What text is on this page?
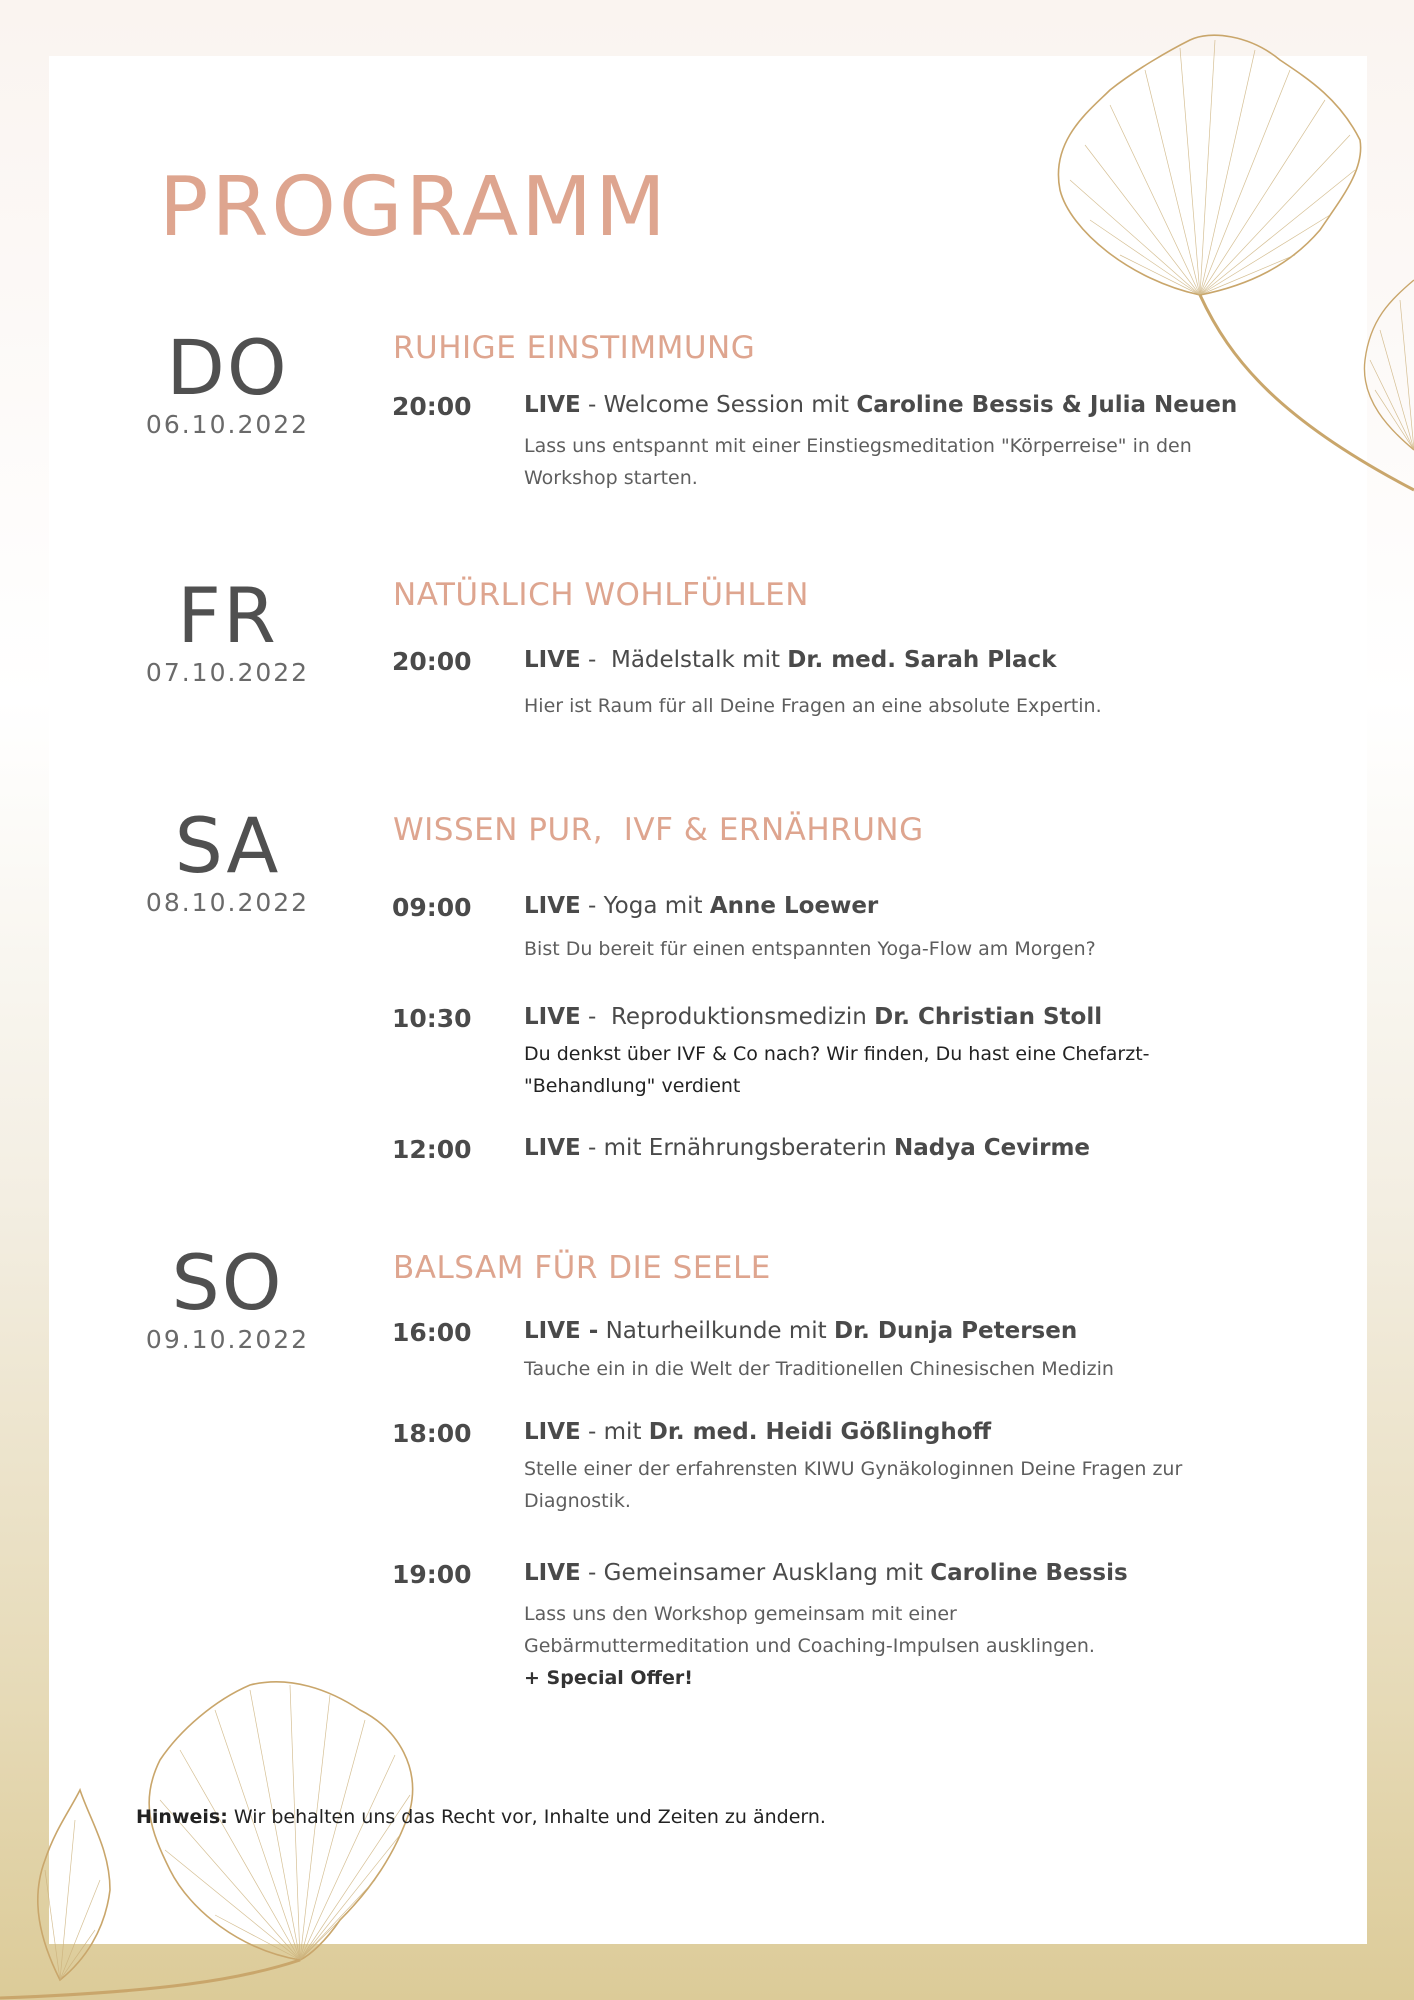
PROGRAMM
DO
06.10.2022
RUHIGE EINSTIMMUNG
20:00 LIVE - Welcome Session mit Caroline Bessis & Julia Neuen
Lass uns entspannt mit einer Einstiegsmeditation "Körperreise" in den Workshop starten.
FR
07.10.2022
NATÜRLICH WOHLFÜHLEN
20:00 LIVE -  Mädelstalk mit Dr. med. Sarah Plack
Hier ist Raum für all Deine Fragen an eine absolute Expertin.
SA
08.10.2022
WISSEN PUR,  IVF & ERNÄHRUNG
09:00 LIVE - Yoga mit Anne Loewer
Bist Du bereit für einen entspannten Yoga-Flow am Morgen?
10:30 LIVE -  Reproduktionsmedizin Dr. Christian Stoll
Du denkst über IVF & Co nach? Wir finden, Du hast eine Chefarzt-"Behandlung" verdient
12:00 LIVE - mit Ernährungsberaterin Nadya Cevirme
SO
09.10.2022
BALSAM FÜR DIE SEELE
16:00 LIVE - Naturheilkunde mit Dr. Dunja Petersen
Tauche ein in die Welt der Traditionellen Chinesischen Medizin
18:00 LIVE - mit Dr. med. Heidi Gößlinghoff
Stelle einer der erfahrensten KIWU Gynäkologinnen Deine Fragen zur Diagnostik.
19:00 LIVE - Gemeinsamer Ausklang mit Caroline Bessis
Lass uns den Workshop gemeinsam mit einer Gebärmuttermeditation und Coaching-Impulsen ausklingen.
+ Special Offer!
Hinweis: Wir behalten uns das Recht vor, Inhalte und Zeiten zu ändern.
